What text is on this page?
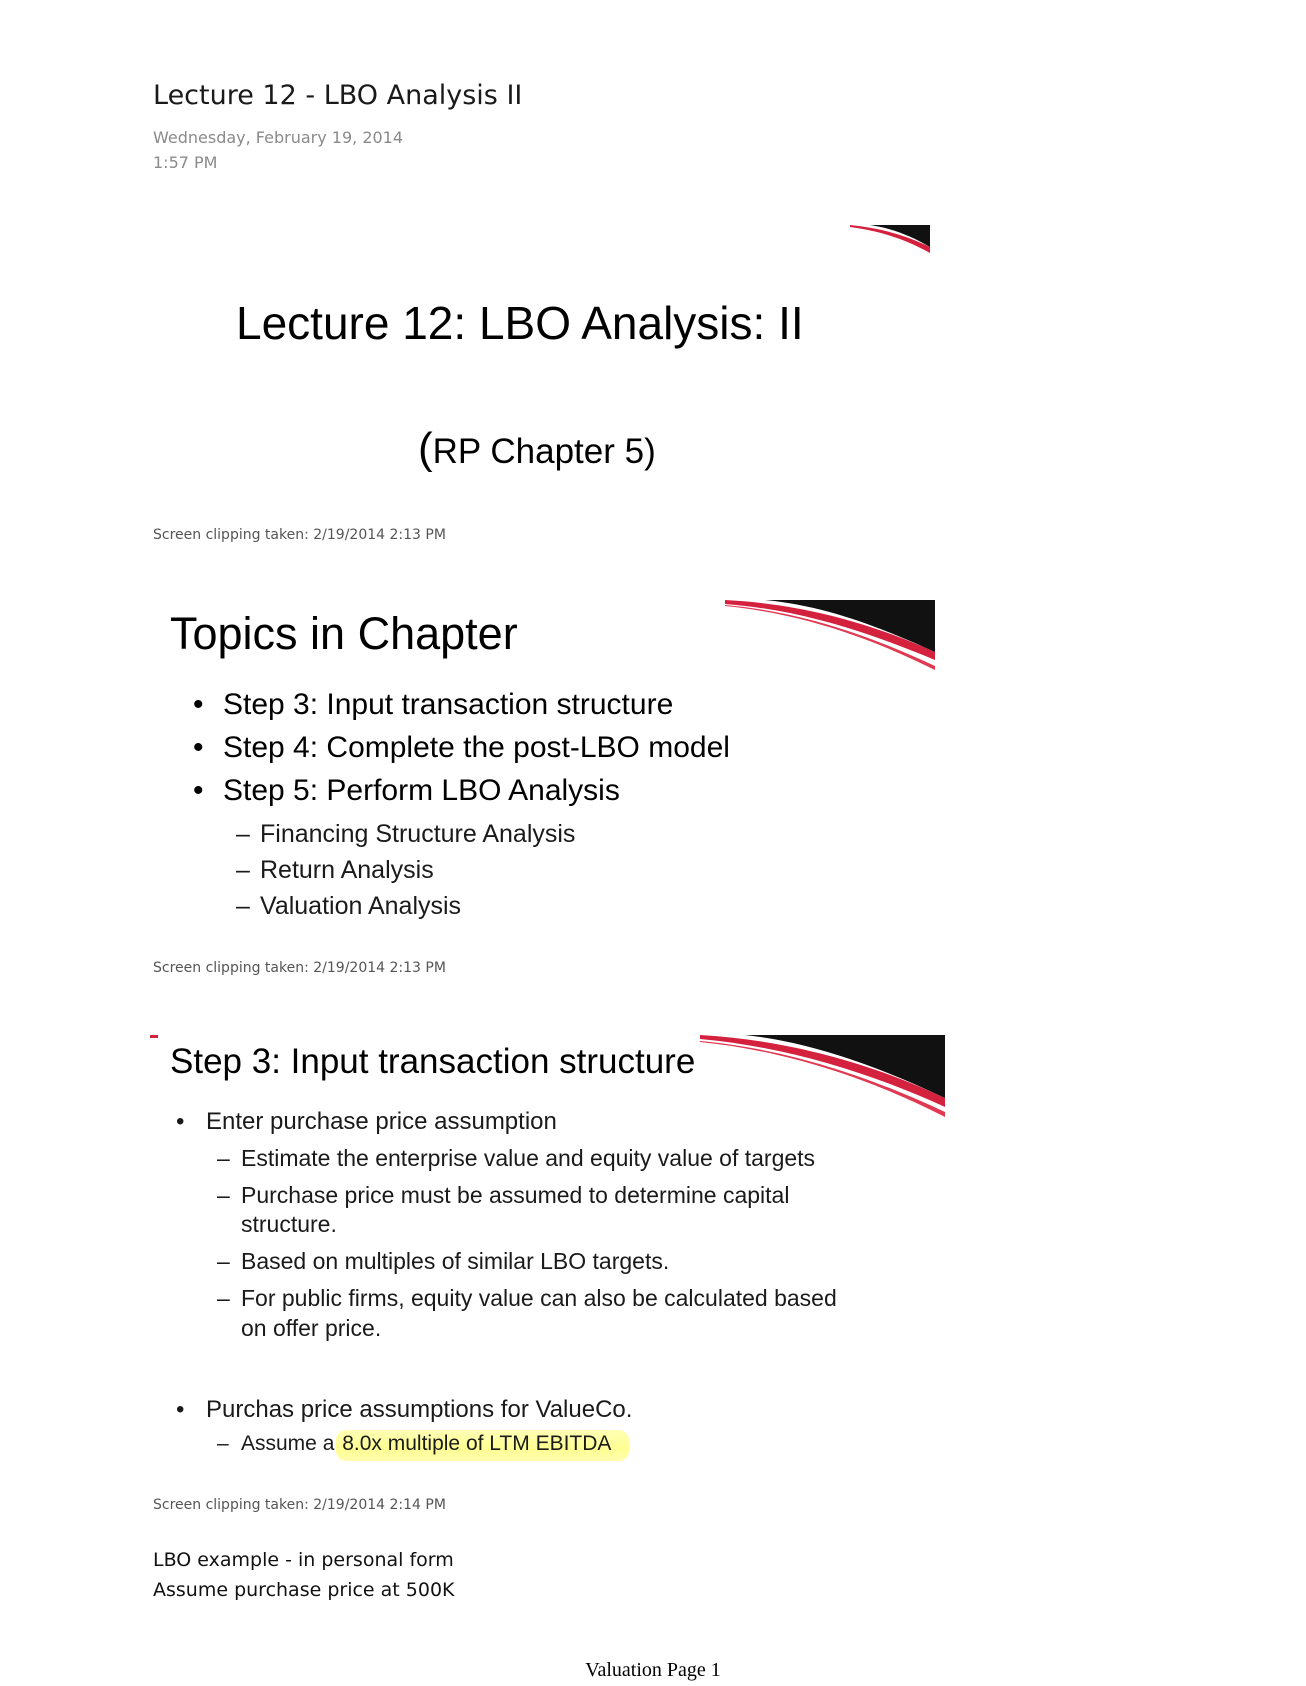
Lecture 12 - LBO Analysis II
Wednesday, February 19, 2014
1:57 PM
Lecture 12: LBO Analysis: II
(RP Chapter 5)
Screen clipping taken: 2/19/2014 2:13 PM
Topics in Chapter
• Step 3: Input transaction structure
• Step 4: Complete the post-LBO model
• Step 5: Perform LBO Analysis
– Financing Structure Analysis
– Return Analysis
– Valuation Analysis
Screen clipping taken: 2/19/2014 2:13 PM
Step 3: Input transaction structure
• Enter purchase price assumption
– Estimate the enterprise value and equity value of targets
– Purchase price must be assumed to determine capital
structure.
– Based on multiples of similar LBO targets.
– For public firms, equity value can also be calculated based
on offer price.
• Purchas price assumptions for ValueCo.
– Assume a 8.0x multiple of LTM EBITDA
Screen clipping taken: 2/19/2014 2:14 PM
LBO example - in personal form
Assume purchase price at 500K
Valuation Page 1
